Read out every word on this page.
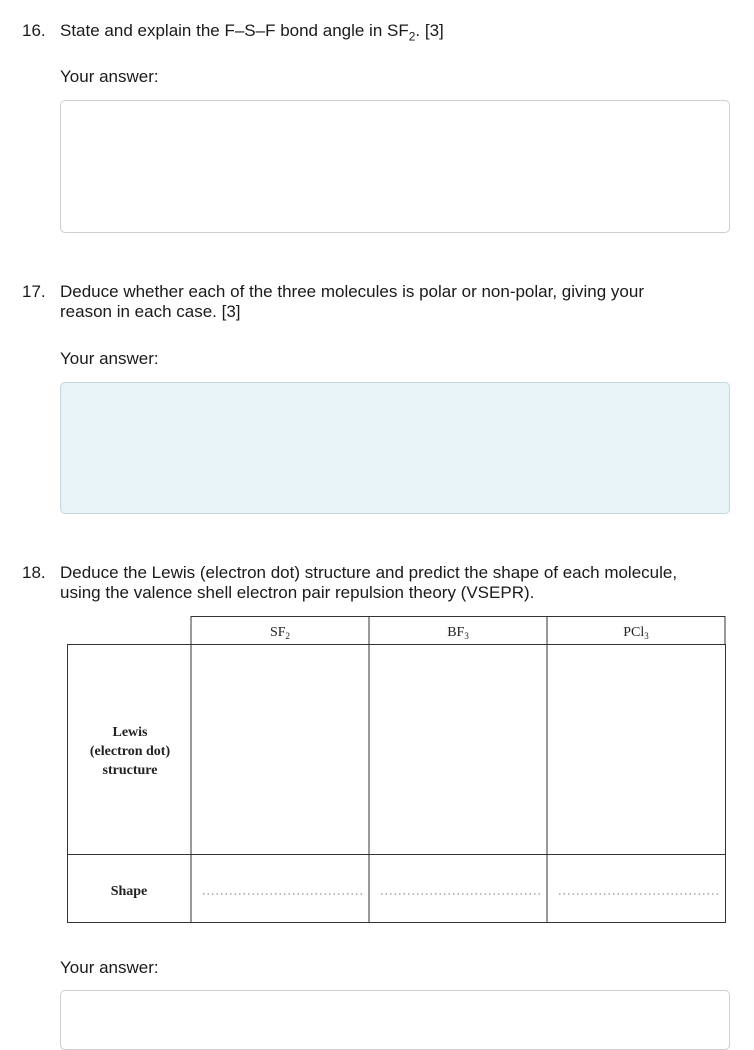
16. State and explain the F–S–F bond angle in $SF_2$. [3]
Your answer:
17. Deduce whether each of the three molecules is polar or non-polar, giving your
reason in each case. [3]
Your answer:
18. Deduce the Lewis (electron dot) structure and predict the shape of each molecule,
using the valence shell electron pair repulsion theory (VSEPR).
$SF_2$	$BF_3$	PCl$_3$
Lewis
(electron dot)
structure
Shape
Your answer:
